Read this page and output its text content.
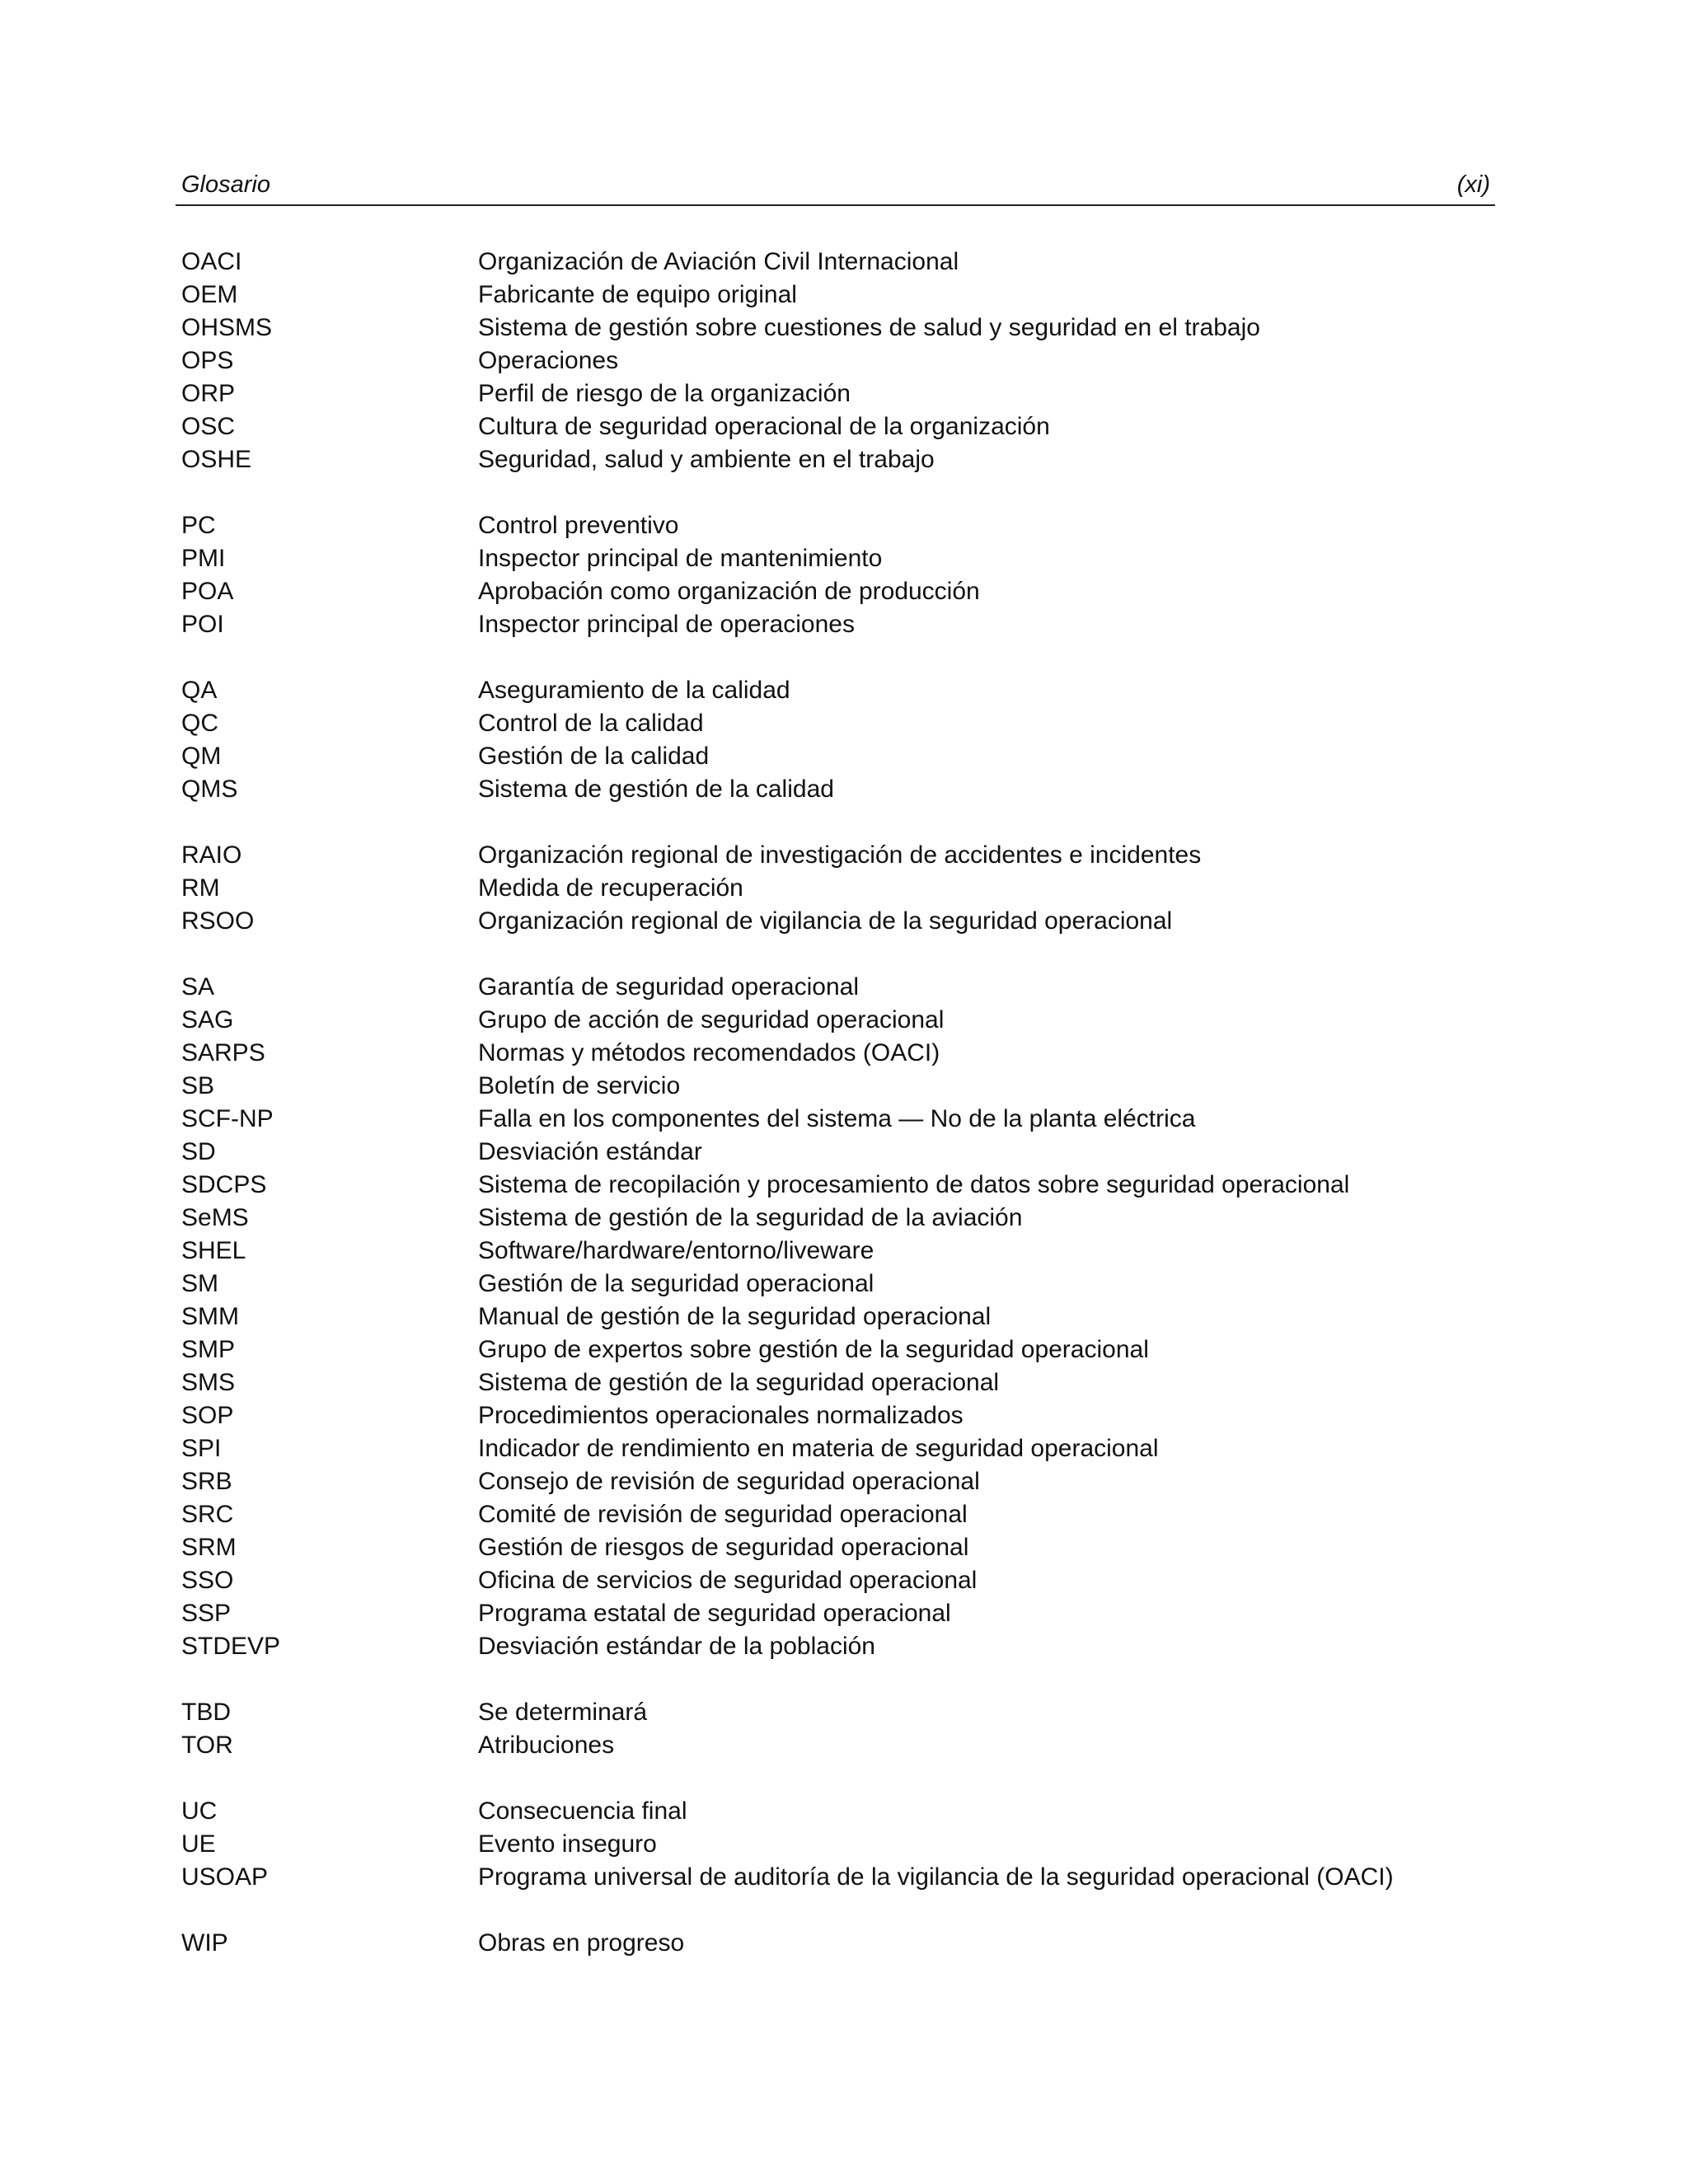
Glosario	(xi)
OACI	Organización de Aviación Civil Internacional
OEM	Fabricante de equipo original
OHSMS	Sistema de gestión sobre cuestiones de salud y seguridad en el trabajo
OPS	Operaciones
ORP	Perfil de riesgo de la organización
OSC	Cultura de seguridad operacional de la organización
OSHE	Seguridad, salud y ambiente en el trabajo
PC	Control preventivo
PMI	Inspector principal de mantenimiento
POA	Aprobación como organización de producción
POI	Inspector principal de operaciones
QA	Aseguramiento de la calidad
QC	Control de la calidad
QM	Gestión de la calidad
QMS	Sistema de gestión de la calidad
RAIO	Organización regional de investigación de accidentes e incidentes
RM	Medida de recuperación
RSOO	Organización regional de vigilancia de la seguridad operacional
SA	Garantía de seguridad operacional
SAG	Grupo de acción de seguridad operacional
SARPS	Normas y métodos recomendados (OACI)
SB	Boletín de servicio
SCF-NP	Falla en los componentes del sistema — No de la planta eléctrica
SD	Desviación estándar
SDCPS	Sistema de recopilación y procesamiento de datos sobre seguridad operacional
SeMS	Sistema de gestión de la seguridad de la aviación
SHEL	Software/hardware/entorno/liveware
SM	Gestión de la seguridad operacional
SMM	Manual de gestión de la seguridad operacional
SMP	Grupo de expertos sobre gestión de la seguridad operacional
SMS	Sistema de gestión de la seguridad operacional
SOP	Procedimientos operacionales normalizados
SPI	Indicador de rendimiento en materia de seguridad operacional
SRB	Consejo de revisión de seguridad operacional
SRC	Comité de revisión de seguridad operacional
SRM	Gestión de riesgos de seguridad operacional
SSO	Oficina de servicios de seguridad operacional
SSP	Programa estatal de seguridad operacional
STDEVP	Desviación estándar de la población
TBD	Se determinará
TOR	Atribuciones
UC	Consecuencia final
UE	Evento inseguro
USOAP	Programa universal de auditoría de la vigilancia de la seguridad operacional (OACI)
WIP	Obras en progreso
